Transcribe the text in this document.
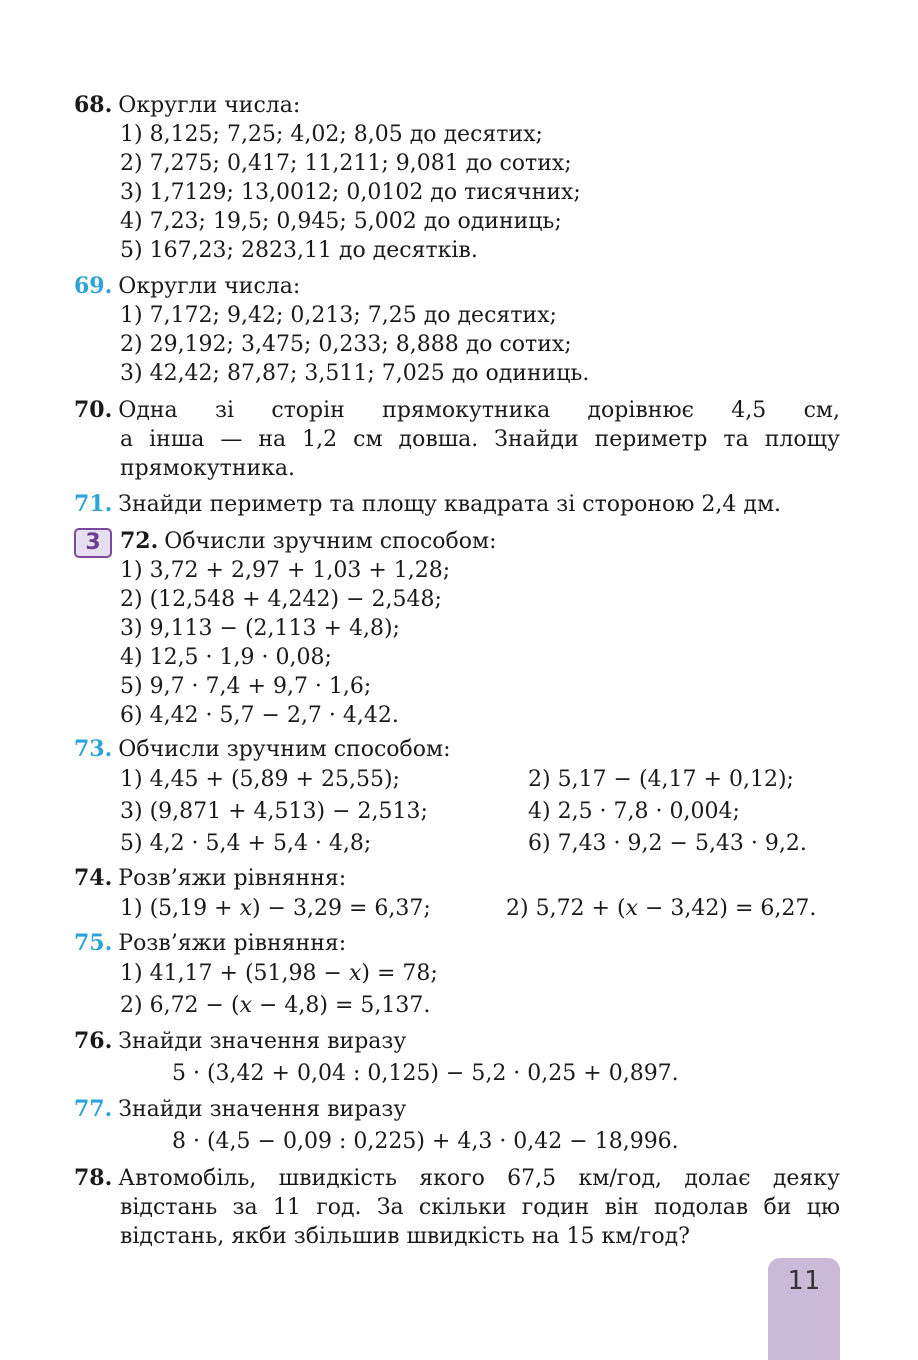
68. Округли числа:
1) 8,125; 7,25; 4,02; 8,05 до десятих;
2) 7,275; 0,417; 11,211; 9,081 до сотих;
3) 1,7129; 13,0012; 0,0102 до тисячних;
4) 7,23; 19,5; 0,945; 5,002 до одиниць;
5) 167,23; 2823,11 до десятків.
69. Округли числа:
1) 7,172; 9,42; 0,213; 7,25 до десятих;
2) 29,192; 3,475; 0,233; 8,888 до сотих;
3) 42,42; 87,87; 3,511; 7,025 до одиниць.
70. Одна зі сторін прямокутника дорівнює 4,5 см,
а інша — на 1,2 см довша. Знайди периметр та площу
прямокутника.
71. Знайди периметр та площу квадрата зі стороною 2,4 дм.
3 72. Обчисли зручним способом:
1) 3,72 + 2,97 + 1,03 + 1,28;
2) (12,548 + 4,242) − 2,548;
3) 9,113 − (2,113 + 4,8);
4) 12,5 · 1,9 · 0,08;
5) 9,7 · 7,4 + 9,7 · 1,6;
6) 4,42 · 5,7 − 2,7 · 4,42.
73. Обчисли зручним способом:
1) 4,45 + (5,89 + 25,55);	2) 5,17 − (4,17 + 0,12);
3) (9,871 + 4,513) − 2,513;	4) 2,5 · 7,8 · 0,004;
5) 4,2 · 5,4 + 5,4 · 4,8;	6) 7,43 · 9,2 − 5,43 · 9,2.
74. Розв’яжи рівняння:
1) (5,19 + x) − 3,29 = 6,37;	2) 5,72 + (x − 3,42) = 6,27.
75. Розв’яжи рівняння:
1) 41,17 + (51,98 − x) = 78;
2) 6,72 − (x − 4,8) = 5,137.
76. Знайди значення виразу
5 · (3,42 + 0,04 : 0,125) − 5,2 · 0,25 + 0,897.
77. Знайди значення виразу
8 · (4,5 − 0,09 : 0,225) + 4,3 · 0,42 − 18,996.
78. Автомобіль, швидкість якого 67,5 км/год, долає деяку
відстань за 11 год. За скільки годин він подолав би цю
відстань, якби збільшив швидкість на 15 км/год?
11
